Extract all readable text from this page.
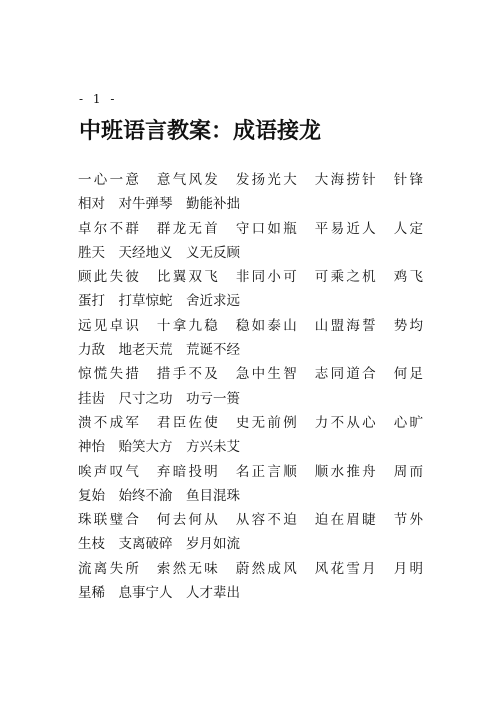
- 1 -
中班语言教案：成语接龙
一心一意　意气风发　发扬光大　大海捞针　针锋
相对　对牛弹琴　勤能补拙
卓尔不群　群龙无首　守口如瓶　平易近人　人定
胜天　天经地义　义无反顾
顾此失彼　比翼双飞　非同小可　可乘之机　鸡飞
蛋打　打草惊蛇　舍近求远
远见卓识　十拿九稳　稳如泰山　山盟海誓　势均
力敌　地老天荒　荒诞不经
惊慌失措　措手不及　急中生智　志同道合　何足
挂齿　尺寸之功　功亏一篑
溃不成军　君臣佐使　史无前例　力不从心　心旷
神怡　贻笑大方　方兴未艾
唉声叹气　弃暗投明　名正言顺　顺水推舟　周而
复始　始终不渝　鱼目混珠
珠联璧合　何去何从　从容不迫　迫在眉睫　节外
生枝　支离破碎　岁月如流
流离失所　索然无味　蔚然成风　风花雪月　月明
星稀　息事宁人　人才辈出
